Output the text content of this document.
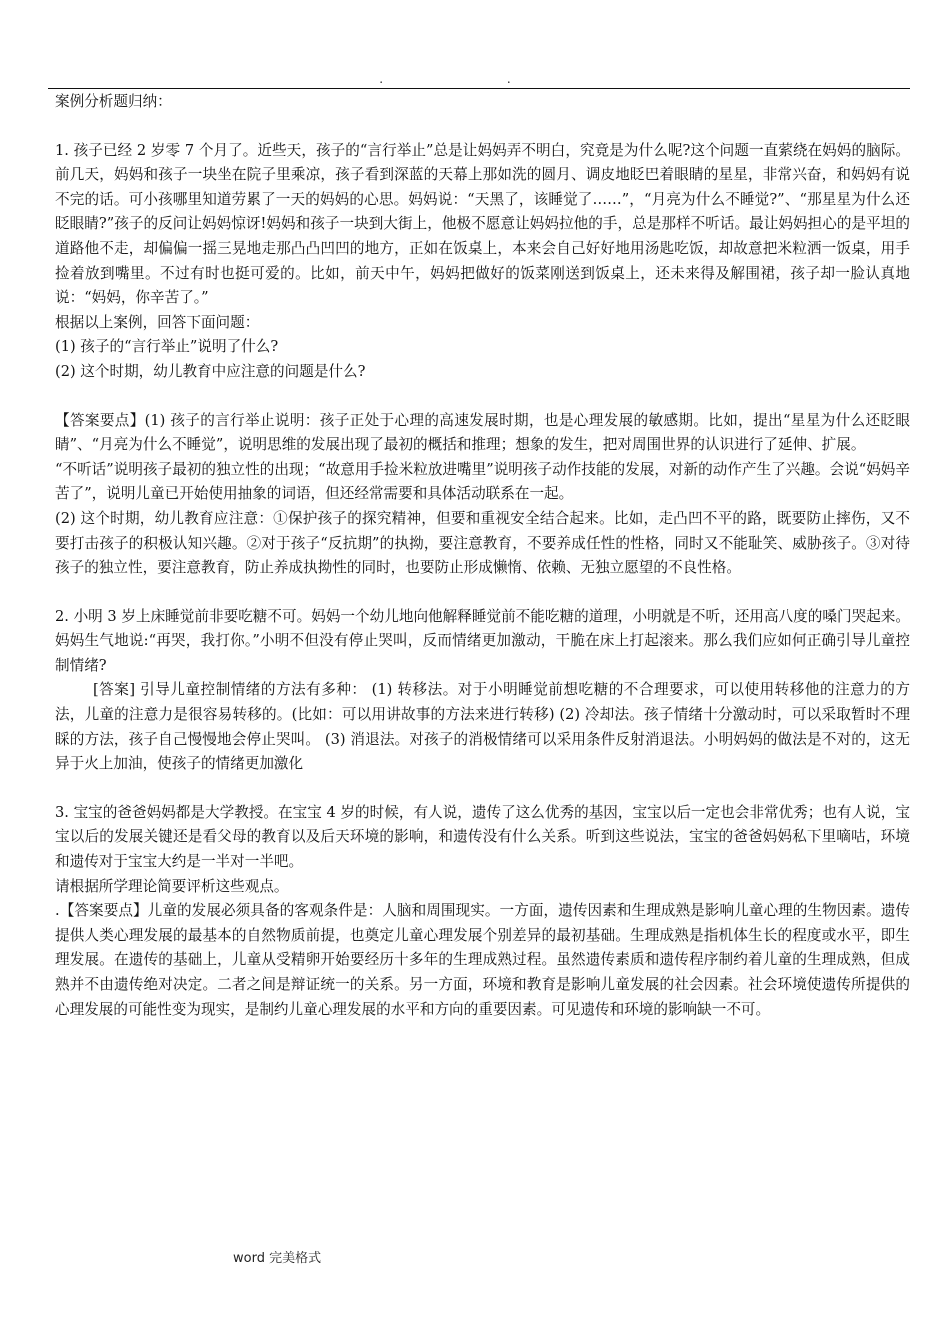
. .

案例分析题归纳：

1. 孩子已经 2 岁零 7 个月了。近些天，孩子的“言行举止”总是让妈妈弄不明白，究竟是为什么呢?这个问题一直萦绕在妈妈的脑际。前几天，妈妈和孩子一块坐在院子里乘凉，孩子看到深蓝的天幕上那如洗的圆月、调皮地眨巴着眼睛的星星，非常兴奋，和妈妈有说不完的话。可小孩哪里知道劳累了一天的妈妈的心思。妈妈说：“天黑了，该睡觉了……”，“月亮为什么不睡觉?”、“那星星为什么还眨眼睛?”孩子的反问让妈妈惊讶!妈妈和孩子一块到大街上，他极不愿意让妈妈拉他的手，总是那样不听话。最让妈妈担心的是平坦的道路他不走，却偏偏一摇三晃地走那凸凸凹凹的地方，正如在饭桌上，本来会自己好好地用汤匙吃饭，却故意把米粒洒一饭桌，用手捡着放到嘴里。不过有时也挺可爱的。比如，前天中午，妈妈把做好的饭菜刚送到饭桌上，还未来得及解围裙，孩子却一脸认真地说：“妈妈，你辛苦了。”

根据以上案例，回答下面问题：

(1) 孩子的“言行举止”说明了什么?

(2) 这个时期，幼儿教育中应注意的问题是什么?

【答案要点】(1) 孩子的言行举止说明：孩子正处于心理的高速发展时期，也是心理发展的敏感期。比如，提出“星星为什么还眨眼睛”、“月亮为什么不睡觉”，说明思维的发展出现了最初的概括和推理；想象的发生，把对周围世界的认识进行了延伸、扩展。

“不听话”说明孩子最初的独立性的出现；“故意用手捡米粒放进嘴里”说明孩子动作技能的发展，对新的动作产生了兴趣。会说“妈妈辛苦了”，说明儿童已开始使用抽象的词语，但还经常需要和具体活动联系在一起。

(2) 这个时期，幼儿教育应注意：①保护孩子的探究精神，但要和重视安全结合起来。比如，走凸凹不平的路，既要防止摔伤，又不要打击孩子的积极认知兴趣。②对于孩子“反抗期”的执拗，要注意教育，不要养成任性的性格，同时又不能耻笑、威胁孩子。③对待孩子的独立性，要注意教育，防止养成执拗性的同时，也要防止形成懒惰、依赖、无独立愿望的不良性格。

2. 小明 3 岁上床睡觉前非要吃糖不可。妈妈一个幼儿地向他解释睡觉前不能吃糖的道理，小明就是不听，还用高八度的嗓门哭起来。妈妈生气地说:“再哭，我打你。”小明不但没有停止哭叫，反而情绪更加激动，干脆在床上打起滚来。那么我们应如何正确引导儿童控制情绪?

[答案] 引导儿童控制情绪的方法有多种： (1) 转移法。对于小明睡觉前想吃糖的不合理要求，可以使用转移他的注意力的方法，儿童的注意力是很容易转移的。(比如：可以用讲故事的方法来进行转移) (2) 冷却法。孩子情绪十分激动时，可以采取暂时不理睬的方法，孩子自己慢慢地会停止哭叫。 (3) 消退法。对孩子的消极情绪可以采用条件反射消退法。小明妈妈的做法是不对的，这无异于火上加油，使孩子的情绪更加激化

3. 宝宝的爸爸妈妈都是大学教授。在宝宝 4 岁的时候，有人说，遗传了这么优秀的基因，宝宝以后一定也会非常优秀；也有人说，宝宝以后的发展关键还是看父母的教育以及后天环境的影响，和遗传没有什么关系。听到这些说法，宝宝的爸爸妈妈私下里嘀咕，环境和遗传对于宝宝大约是一半对一半吧。

请根据所学理论简要评析这些观点。

.【答案要点】儿童的发展必须具备的客观条件是：人脑和周围现实。一方面，遗传因素和生理成熟是影响儿童心理的生物因素。遗传提供人类心理发展的最基本的自然物质前提，也奠定儿童心理发展个别差异的最初基础。生理成熟是指机体生长的程度或水平，即生理发展。在遗传的基础上，儿童从受精卵开始要经历十多年的生理成熟过程。虽然遗传素质和遗传程序制约着儿童的生理成熟，但成熟并不由遗传绝对决定。二者之间是辩证统一的关系。另一方面，环境和教育是影响儿童发展的社会因素。社会环境使遗传所提供的心理发展的可能性变为现实，是制约儿童心理发展的水平和方向的重要因素。可见遗传和环境的影响缺一不可。

word 完美格式
